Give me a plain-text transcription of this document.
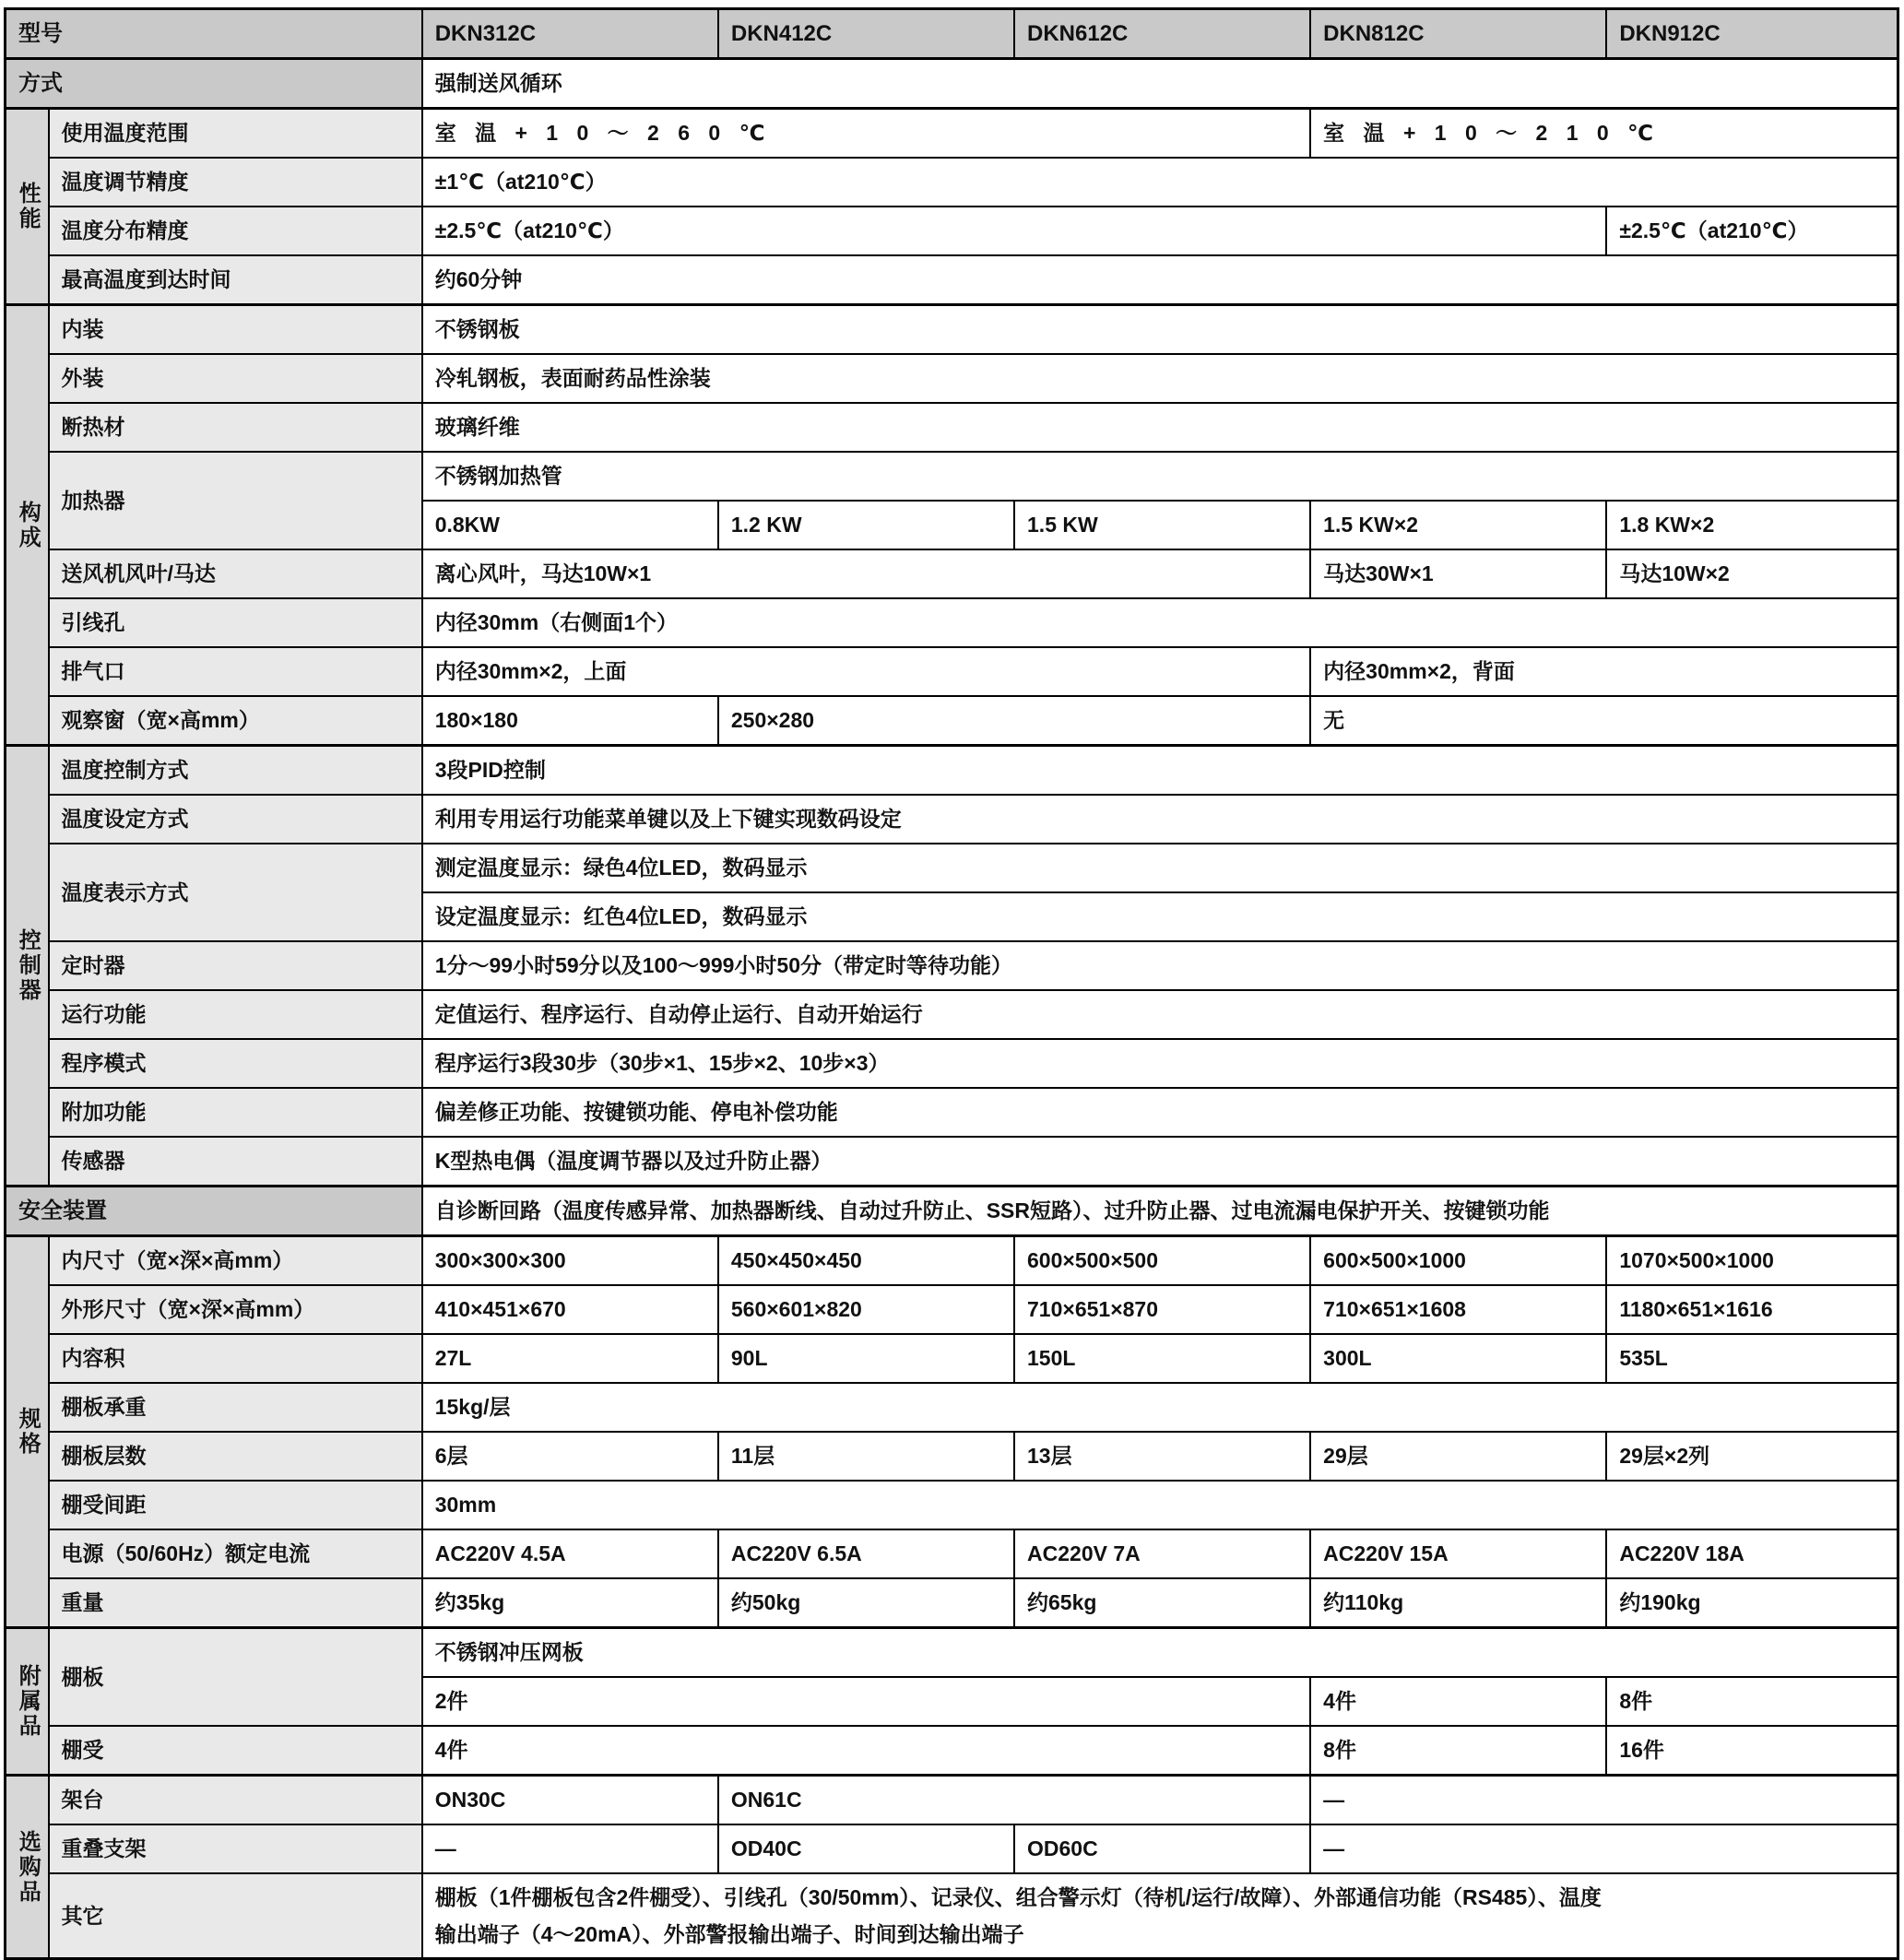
型号		DKN312C	DKN412C	DKN612C	DKN812C	DKN912C
方式		强制送风循环				
性能	使用温度范围	室 温 + 1 0 ～ 2 6 0 ℃			室 温 + 1 0 ～ 2 1 0 ℃	
	温度调节精度	±1℃（at210℃）				
	温度分布精度	±2.5℃（at210℃）				±2.5℃（at210℃）
	最高温度到达时间	约60分钟				
构成	内装	不锈钢板				
	外装	冷轧钢板，表面耐药品性涂装				
	断热材	玻璃纤维				
	加热器	不锈钢加热管				
		0.8KW	1.2 KW	1.5 KW	1.5 KW×2	1.8 KW×2
	送风机风叶/马达	离心风叶，马达10W×1			马达30W×1	马达10W×2
	引线孔	内径30mm（右侧面1个）				
	排气口	内径30mm×2，上面			内径30mm×2，背面	
	观察窗（宽×高mm）	180×180	250×280		无	
控制器	温度控制方式	3段PID控制				
	温度设定方式	利用专用运行功能菜单键以及上下键实现数码设定				
	温度表示方式	测定温度显示：绿色4位LED，数码显示				
		设定温度显示：红色4位LED，数码显示				
	定时器	1分～99小时59分以及100～999小时50分（带定时等待功能）				
	运行功能	定值运行、程序运行、自动停止运行、自动开始运行				
	程序模式	程序运行3段30步（30步×1、15步×2、10步×3）				
	附加功能	偏差修正功能、按键锁功能、停电补偿功能				
	传感器	K型热电偶（温度调节器以及过升防止器）				
安全装置		自诊断回路（温度传感异常、加热器断线、自动过升防止、SSR短路）、过升防止器、过电流漏电保护开关、按键锁功能				
规格	内尺寸（宽×深×高mm）	300×300×300	450×450×450	600×500×500	600×500×1000	1070×500×1000
	外形尺寸（宽×深×高mm）	410×451×670	560×601×820	710×651×870	710×651×1608	1180×651×1616
	内容积	27L	90L	150L	300L	535L
	棚板承重	15kg/层				
	棚板层数	6层	11层	13层	29层	29层×2列
	棚受间距	30mm				
	电源（50/60Hz）额定电流	AC220V 4.5A	AC220V 6.5A	AC220V 7A	AC220V 15A	AC220V 18A
	重量	约35kg	约50kg	约65kg	约110kg	约190kg
附属品	棚板	不锈钢冲压网板				
		2件			4件	8件
	棚受	4件			8件	16件
选购品	架台	ON30C	ON61C		—	
	重叠支架	—	OD40C	OD60C	—	
	其它	棚板（1件棚板包含2件棚受）、引线孔（30/50mm）、记录仪、组合警示灯（待机/运行/故障）、外部通信功能（RS485）、温度
输出端子（4～20mA）、外部警报输出端子、时间到达输出端子				
